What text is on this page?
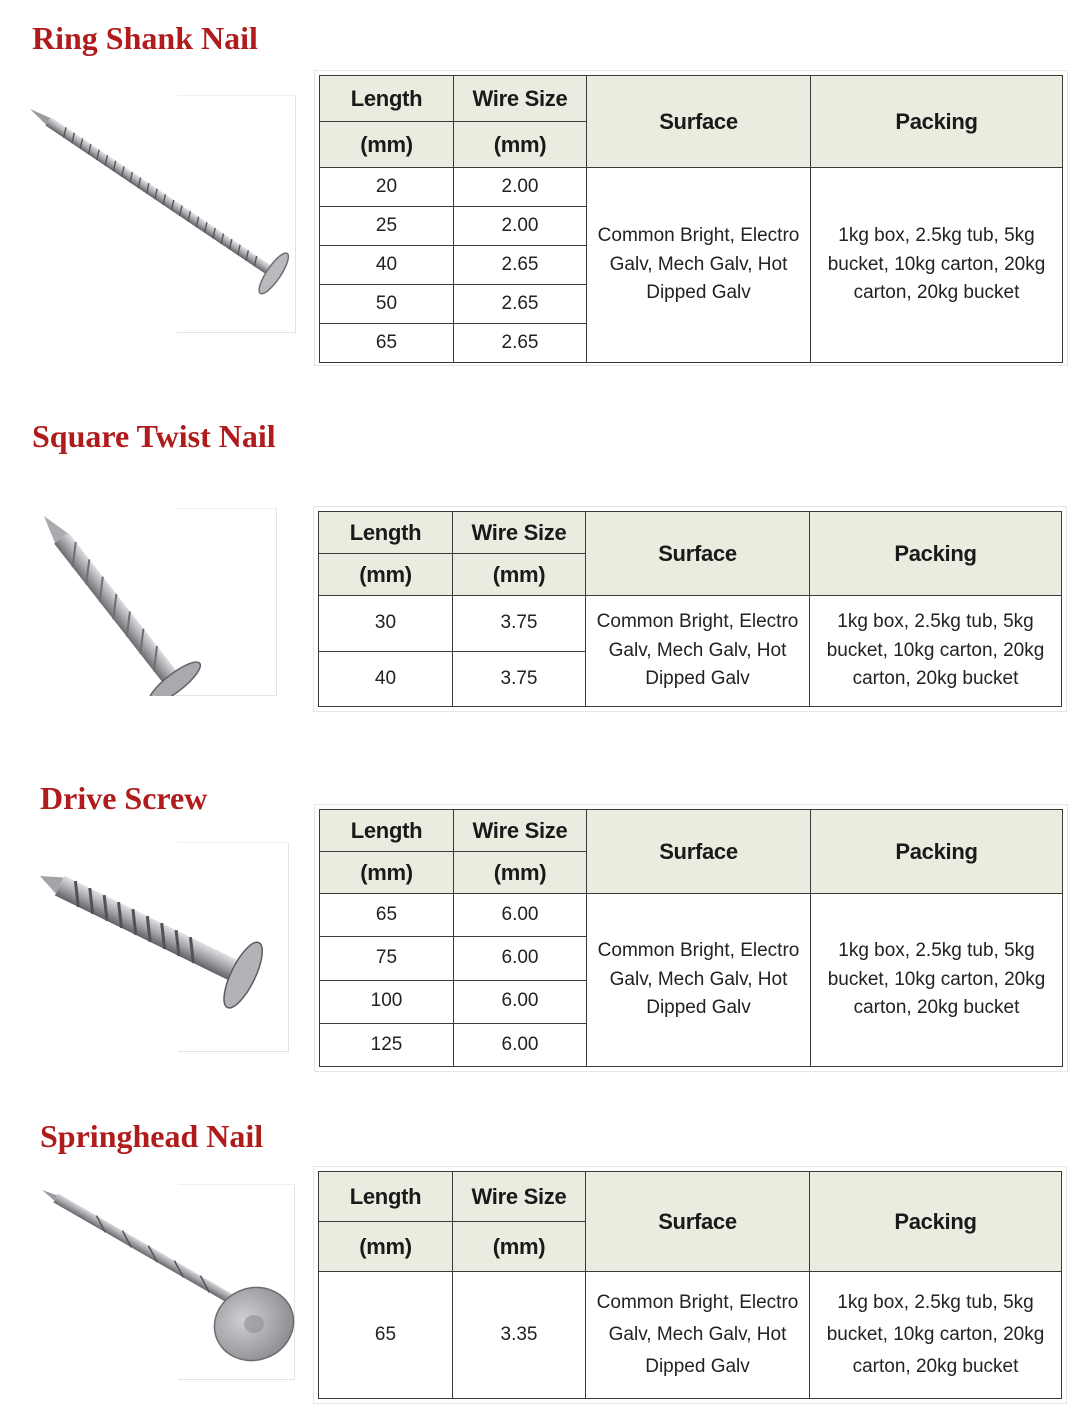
Ring Shank Nail
Length	Wire Size	Surface	Packing
(mm)	(mm)		
20	2.00	Common Bright, Electro Galv, Mech Galv, Hot Dipped Galv	1kg box, 2.5kg tub, 5kg bucket, 10kg carton, 20kg carton, 20kg bucket
25	2.00		
40	2.65		
50	2.65		
65	2.65		
Square Twist Nail
Length	Wire Size	Surface	Packing
(mm)	(mm)		
30	3.75	Common Bright, Electro Galv, Mech Galv, Hot Dipped Galv	1kg box, 2.5kg tub, 5kg bucket, 10kg carton, 20kg carton, 20kg bucket
40	3.75		
Drive Screw
Length	Wire Size	Surface	Packing
(mm)	(mm)		
65	6.00	Common Bright, Electro Galv, Mech Galv, Hot Dipped Galv	1kg box, 2.5kg tub, 5kg bucket, 10kg carton, 20kg carton, 20kg bucket
75	6.00		
100	6.00		
125	6.00		
Springhead Nail
Length	Wire Size	Surface	Packing
(mm)	(mm)		
65	3.35	Common Bright, Electro Galv, Mech Galv, Hot Dipped Galv	1kg box, 2.5kg tub, 5kg bucket, 10kg carton, 20kg carton, 20kg bucket
